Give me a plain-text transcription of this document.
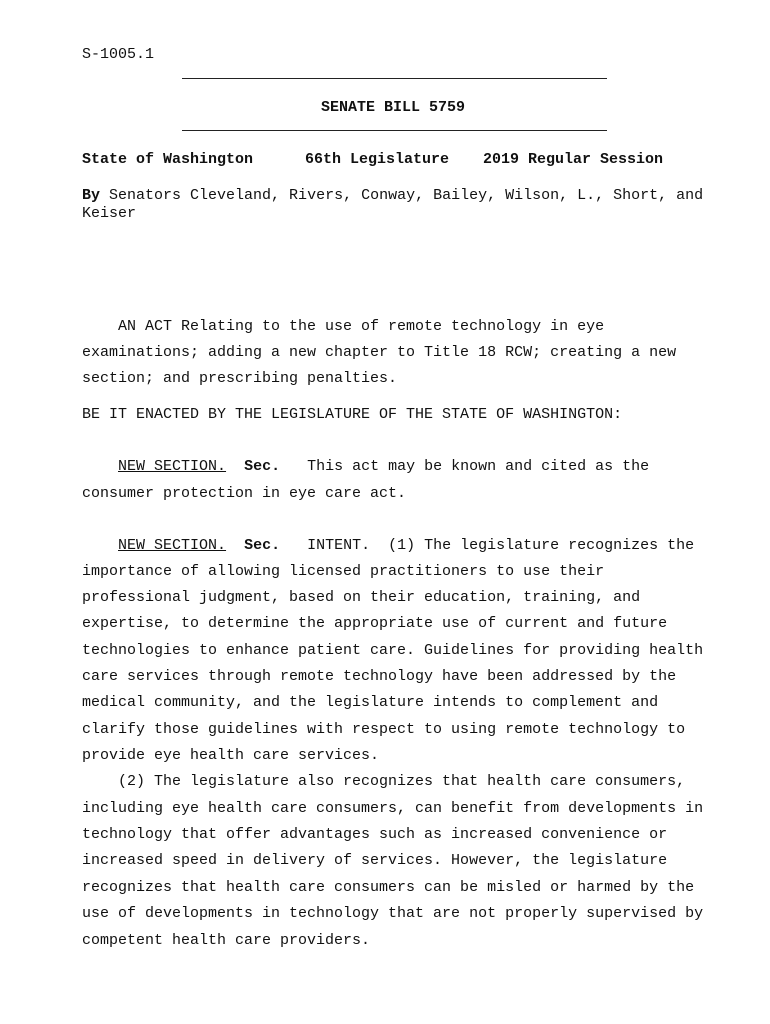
S-1005.1
SENATE BILL 5759
State of Washington	66th Legislature 2019 Regular Session
By Senators Cleveland, Rivers, Conway, Bailey, Wilson, L., Short, and
Keiser
AN ACT Relating to the use of remote technology in eye
examinations; adding a new chapter to Title 18 RCW; creating a new
section; and prescribing penalties.
BE IT ENACTED BY THE LEGISLATURE OF THE STATE OF WASHINGTON:
NEW SECTION. Sec. This act may be known and cited as the
consumer protection in eye care act.
NEW SECTION. Sec. INTENT.  (1) The legislature recognizes the
importance of allowing licensed practitioners to use their
professional judgment, based on their education, training, and
expertise, to determine the appropriate use of current and future
technologies to enhance patient care. Guidelines for providing health
care services through remote technology have been addressed by the
medical community, and the legislature intends to complement and
clarify those guidelines with respect to using remote technology to
provide eye health care services.
(2) The legislature also recognizes that health care consumers,
including eye health care consumers, can benefit from developments in
technology that offer advantages such as increased convenience or
increased speed in delivery of services. However, the legislature
recognizes that health care consumers can be misled or harmed by the
use of developments in technology that are not properly supervised by
competent health care providers.
